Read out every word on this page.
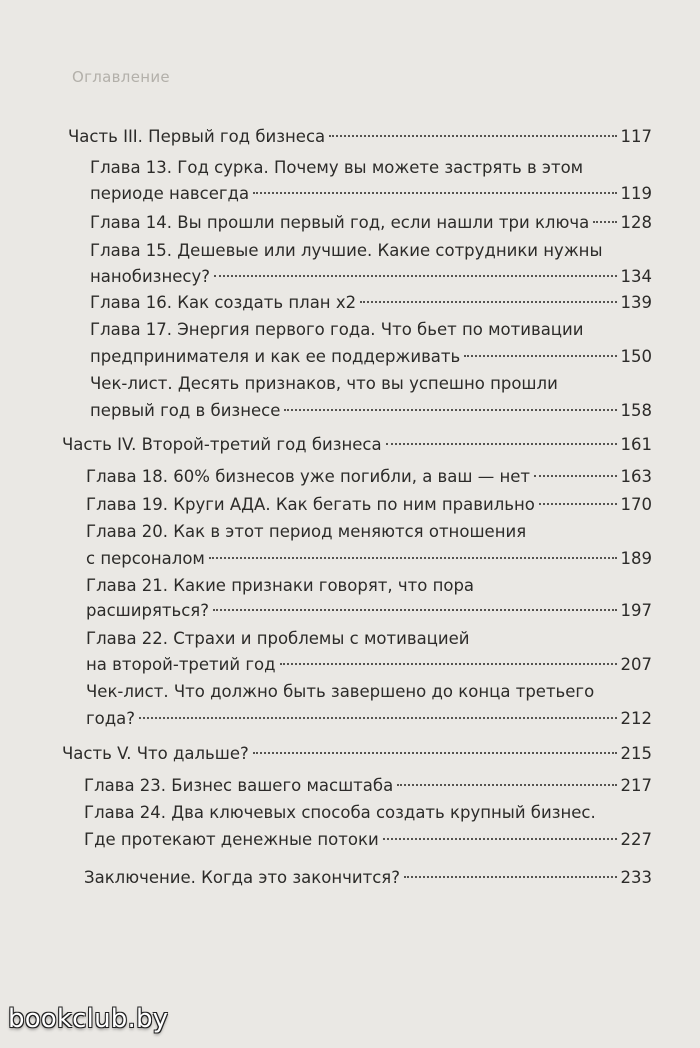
Оглавление
Часть III. Первый год бизнеса	117
Глава 13. Год сурка. Почему вы можете застрять в этом
периоде навсегда	119
Глава 14. Вы прошли первый год, если нашли три ключа 128
Глава 15. Дешевые или лучшие. Какие сотрудники нужны
нанобизнесу?	134
Глава 16. Как создать план х2	139
Глава 17. Энергия первого года. Что бьет по мотивации
предпринимателя и как ее поддерживать	150
Чек-лист. Десять признаков, что вы успешно прошли
первый год в бизнесе	158
Часть IV. Второй-третий год бизнеса	161
Глава 18. 60% бизнесов уже погибли, а ваш — нет	163
Глава 19. Круги АДА. Как бегать по ним правильно	170
Глава 20. Как в этот период меняются отношения
с персоналом	189
Глава 21. Какие признаки говорят, что пора
расширяться?	197
Глава 22. Страхи и проблемы с мотивацией
на второй-третий год	207
Чек-лист. Что должно быть завершено до конца третьего
года?	212
Часть V. Что дальше?	215
Глава 23. Бизнес вашего масштаба	217
Глава 24. Два ключевых способа создать крупный бизнес.
Где протекают денежные потоки	227
Заключение. Когда это закончится?	233
bookclub.by
